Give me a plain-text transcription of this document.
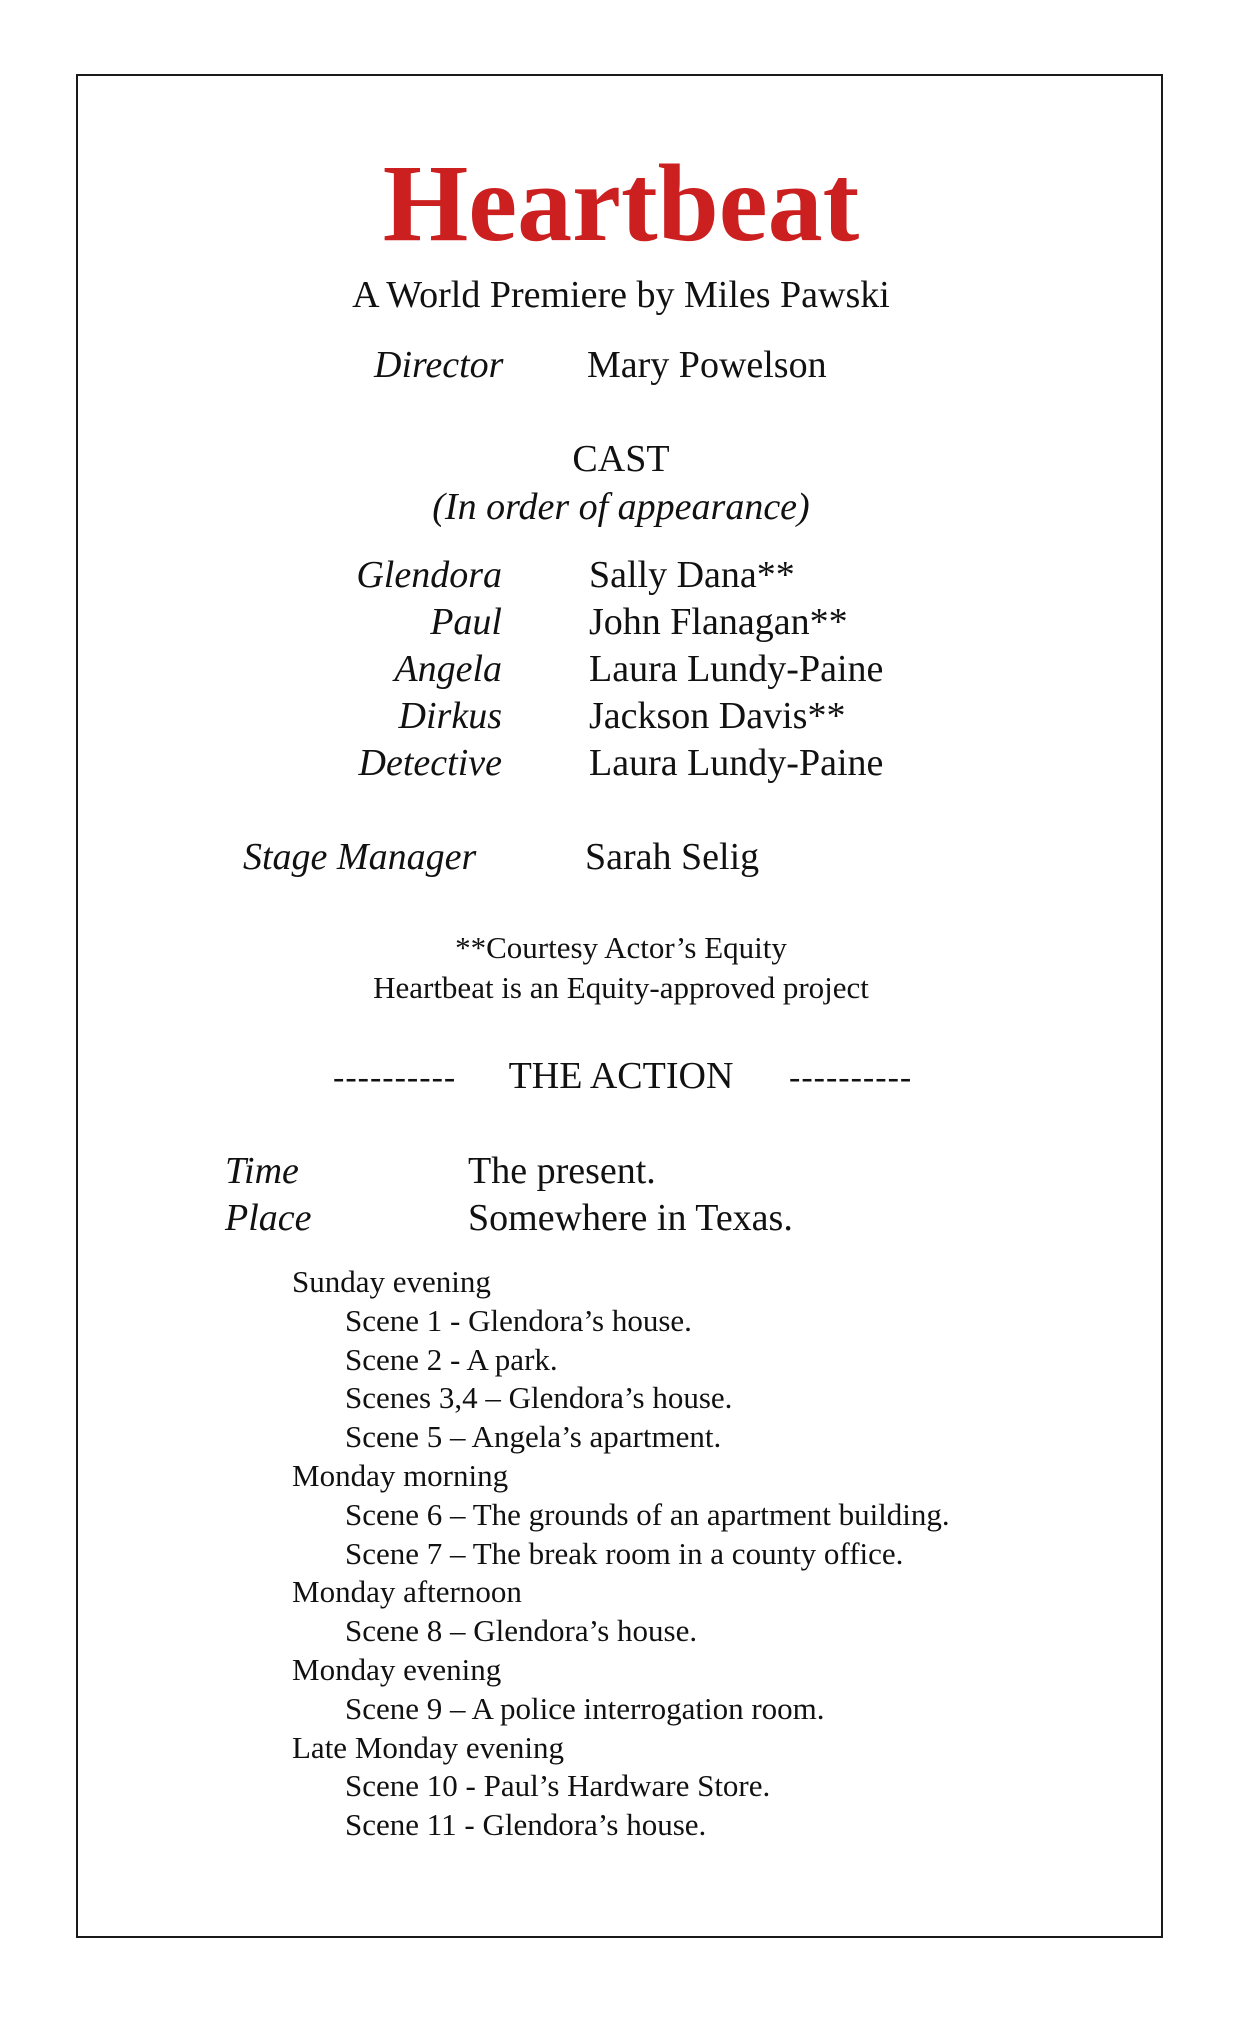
Heartbeat
A World Premiere by Miles Pawski
Director Mary Powelson
CAST
(In order of appearance)
Glendora Sally Dana**
Paul John Flanagan**
Angela Laura Lundy-Paine
Dirkus Jackson Davis**
Detective Laura Lundy-Paine
Stage Manager	Sarah Selig
**Courtesy Actor’s Equity
Heartbeat is an Equity-approved project
----------	THE ACTION	----------
Time	The present.
Place	Somewhere in Texas.
Sunday evening
Scene 1 - Glendora’s house.
Scene 2 - A park.
Scenes 3,4 – Glendora’s house.
Scene 5 – Angela’s apartment.
Monday morning
Scene 6 – The grounds of an apartment building.
Scene 7 – The break room in a county office.
Monday afternoon
Scene 8 – Glendora’s house.
Monday evening
Scene 9 – A police interrogation room.
Late Monday evening
Scene 10 - Paul’s Hardware Store.
Scene 11 - Glendora’s house.
